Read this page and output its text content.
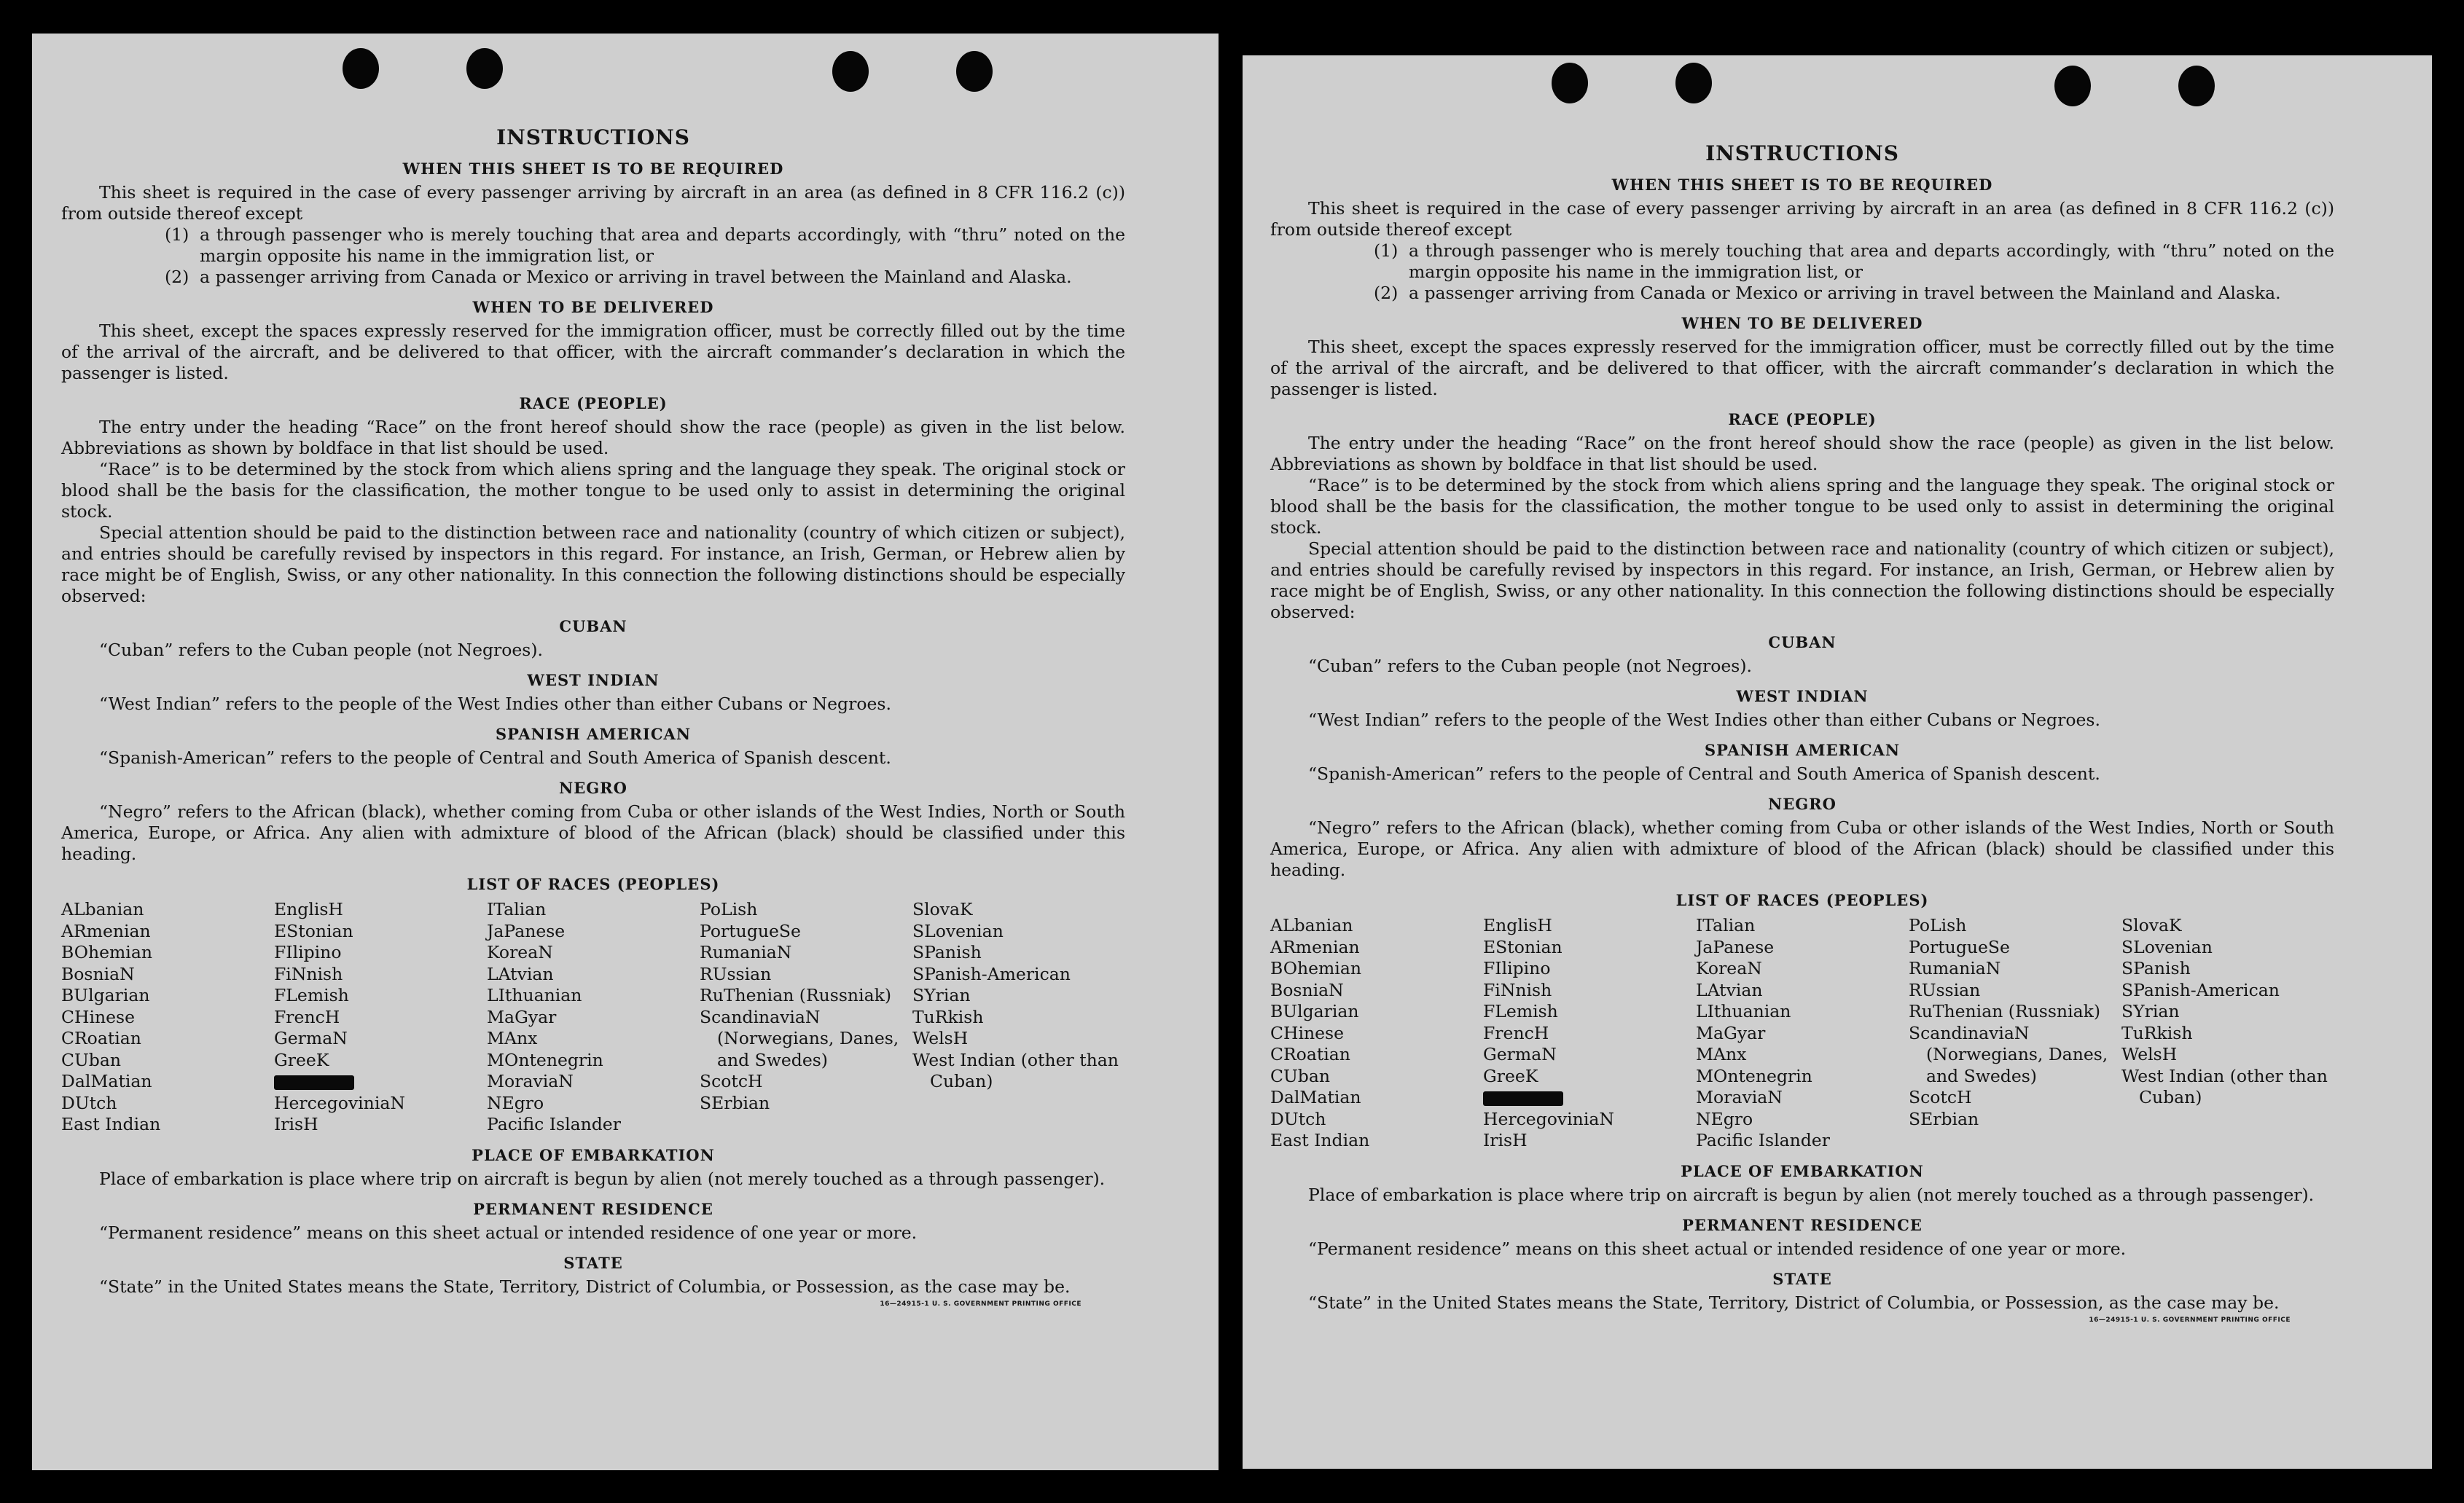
INSTRUCTIONS
WHEN THIS SHEET IS TO BE REQUIRED

This sheet is required in the case of every passenger arriving by aircraft in an area (as defined in 8 CFR 116.2 (c)) from outside thereof except

(1) a through passenger who is merely touching that area and departs accordingly, with “thru” noted on the margin opposite his name in the immigration list, or

(2) a passenger arriving from Canada or Mexico or arriving in travel between the Mainland and Alaska.

WHEN TO BE DELIVERED

This sheet, except the spaces expressly reserved for the immigration officer, must be correctly filled out by the time of the arrival of the aircraft, and be delivered to that officer, with the aircraft commander’s declaration in which the passenger is listed.

RACE (PEOPLE)

The entry under the heading “Race” on the front hereof should show the race (people) as given in the list below. Abbreviations as shown by boldface in that list should be used.

“Race” is to be determined by the stock from which aliens spring and the language they speak. The original stock or blood shall be the basis for the classification, the mother tongue to be used only to assist in determining the original stock.

Special attention should be paid to the distinction between race and nationality (country of which citizen or subject), and entries should be carefully revised by inspectors in this regard. For instance, an Irish, German, or Hebrew alien by race might be of English, Swiss, or any other nationality. In this connection the following distinctions should be especially observed:

CUBAN

“Cuban” refers to the Cuban people (not Negroes).

WEST INDIAN

“West Indian” refers to the people of the West Indies other than either Cubans or Negroes.

SPANISH AMERICAN

“Spanish-American” refers to the people of Central and South America of Spanish descent.

NEGRO

“Negro” refers to the African (black), whether coming from Cuba or other islands of the West Indies, North or South America, Europe, or Africa. Any alien with admixture of blood of the African (black) should be classified under this heading.

LIST OF RACES (PEOPLES)
ALbanian
ARmenian
BOhemian
BosniaN
BUlgarian
CHinese
CRoatian
CUban
DalMatian
DUtch
East Indian
EnglisH
EStonian
FIlipino
FiNnish
FLemish
FrencH
GermaN
GreeK
HercegoviniaN
IrisH
ITalian
JaPanese
KoreaN
LAtvian
LIthuanian
MaGyar
MAnx
MOntenegrin
MoraviaN
NEgro
Pacific Islander
PoLish
PortugueSe
RumaniaN
RUssian
RuThenian (Russniak)
ScandinaviaN (Norwegians, Danes, and Swedes)
ScotcH
SErbian
SlovaK
SLovenian
SPanish
SPanish-American
SYrian
TuRkish
WelsH
West Indian (other than Cuban)
PLACE OF EMBARKATION

Place of embarkation is place where trip on aircraft is begun by alien (not merely touched as a through passenger).

PERMANENT RESIDENCE

“Permanent residence” means on this sheet actual or intended residence of one year or more.

STATE

“State” in the United States means the State, Territory, District of Columbia, or Possession, as the case may be.

16—24915-1 U. S. GOVERNMENT PRINTING OFFICE
INSTRUCTIONS
WHEN THIS SHEET IS TO BE REQUIRED

This sheet is required in the case of every passenger arriving by aircraft in an area (as defined in 8 CFR 116.2 (c)) from outside thereof except

(1) a through passenger who is merely touching that area and departs accordingly, with “thru” noted on the margin opposite his name in the immigration list, or

(2) a passenger arriving from Canada or Mexico or arriving in travel between the Mainland and Alaska.

WHEN TO BE DELIVERED

This sheet, except the spaces expressly reserved for the immigration officer, must be correctly filled out by the time of the arrival of the aircraft, and be delivered to that officer, with the aircraft commander’s declaration in which the passenger is listed.

RACE (PEOPLE)

The entry under the heading “Race” on the front hereof should show the race (people) as given in the list below. Abbreviations as shown by boldface in that list should be used.

“Race” is to be determined by the stock from which aliens spring and the language they speak. The original stock or blood shall be the basis for the classification, the mother tongue to be used only to assist in determining the original stock.

Special attention should be paid to the distinction between race and nationality (country of which citizen or subject), and entries should be carefully revised by inspectors in this regard. For instance, an Irish, German, or Hebrew alien by race might be of English, Swiss, or any other nationality. In this connection the following distinctions should be especially observed:

CUBAN

“Cuban” refers to the Cuban people (not Negroes).

WEST INDIAN

“West Indian” refers to the people of the West Indies other than either Cubans or Negroes.

SPANISH AMERICAN

“Spanish-American” refers to the people of Central and South America of Spanish descent.

NEGRO

“Negro” refers to the African (black), whether coming from Cuba or other islands of the West Indies, North or South America, Europe, or Africa. Any alien with admixture of blood of the African (black) should be classified under this heading.

LIST OF RACES (PEOPLES)
ALbanian
ARmenian
BOhemian
BosniaN
BUlgarian
CHinese
CRoatian
CUban
DalMatian
DUtch
East Indian
EnglisH
EStonian
FIlipino
FiNnish
FLemish
FrencH
GermaN
GreeK
HercegoviniaN
IrisH
ITalian
JaPanese
KoreaN
LAtvian
LIthuanian
MaGyar
MAnx
MOntenegrin
MoraviaN
NEgro
Pacific Islander
PoLish
PortugueSe
RumaniaN
RUssian
RuThenian (Russniak)
ScandinaviaN (Norwegians, Danes, and Swedes)
ScotcH
SErbian
SlovaK
SLovenian
SPanish
SPanish-American
SYrian
TuRkish
WelsH
West Indian (other than Cuban)
PLACE OF EMBARKATION

Place of embarkation is place where trip on aircraft is begun by alien (not merely touched as a through passenger).

PERMANENT RESIDENCE

“Permanent residence” means on this sheet actual or intended residence of one year or more.

STATE

“State” in the United States means the State, Territory, District of Columbia, or Possession, as the case may be.

16—24915-1 U. S. GOVERNMENT PRINTING OFFICE
